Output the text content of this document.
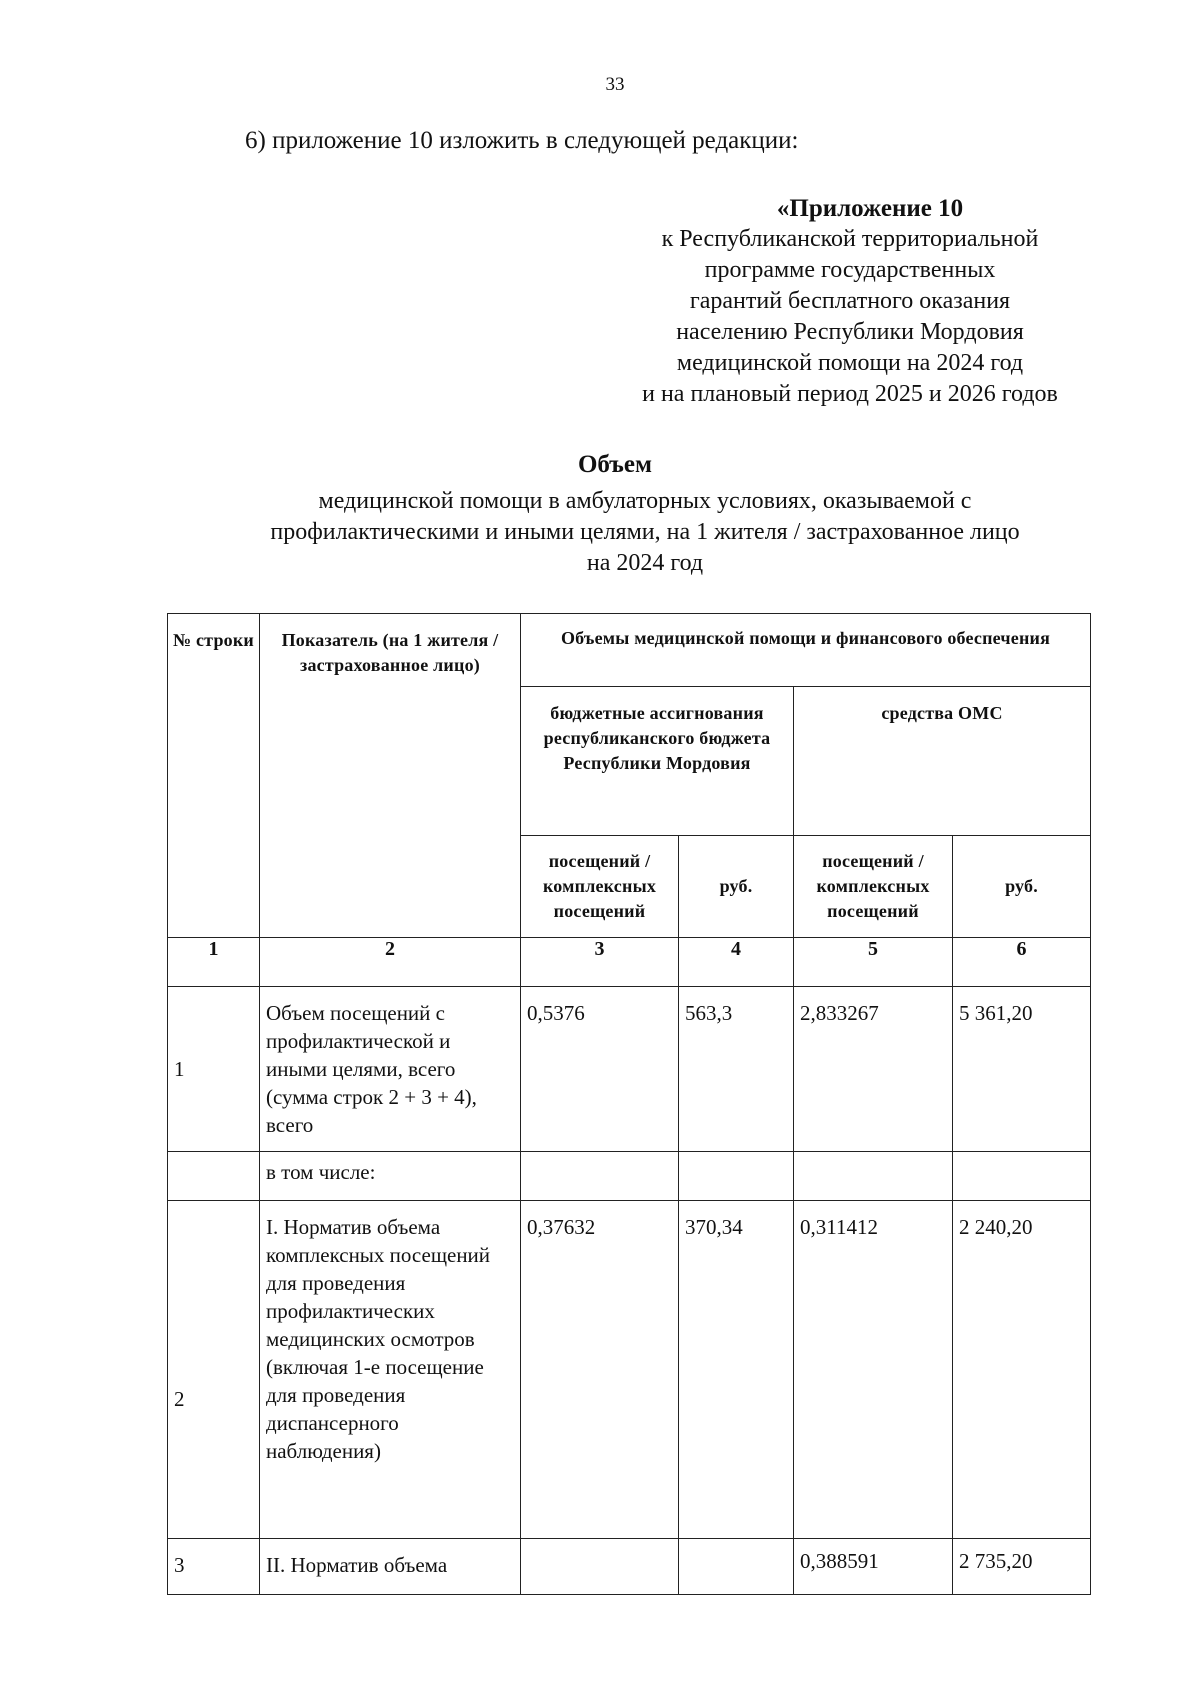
33
6) приложение 10 изложить в следующей редакции:
«Приложение 10
к Республиканской территориальной
программе государственных
гарантий бесплатного оказания
населению Республики Мордовия
медицинской помощи на 2024 год
и на плановый период 2025 и 2026 годов
Объем
медицинской помощи в амбулаторных условиях, оказываемой с
профилактическими и иными целями, на 1 жителя / застрахованное лицо
на 2024 год
№ строки	Показатель (на 1 жителя / застрахованное лицо)	Объемы медицинской помощи и финансового обеспечения			
		бюджетные ассигнования республиканского бюджета Республики Мордовия		средства ОМС	
		посещений / комплексных посещений	руб.	посещений / комплексных посещений	руб.
1	2	3	4	5	6
1	Объем посещений с профилактической и иными целями, всего (сумма строк 2 + 3 + 4), всего	0,5376	563,3	2,833267	5 361,20
	в том числе:				
2	I. Норматив объема комплексных посещений для проведения профилактических медицинских осмотров (включая 1-е посещение для проведения диспансерного наблюдения)	0,37632	370,34	0,311412	2 240,20
3	II. Норматив объема			0,388591	2 735,20
